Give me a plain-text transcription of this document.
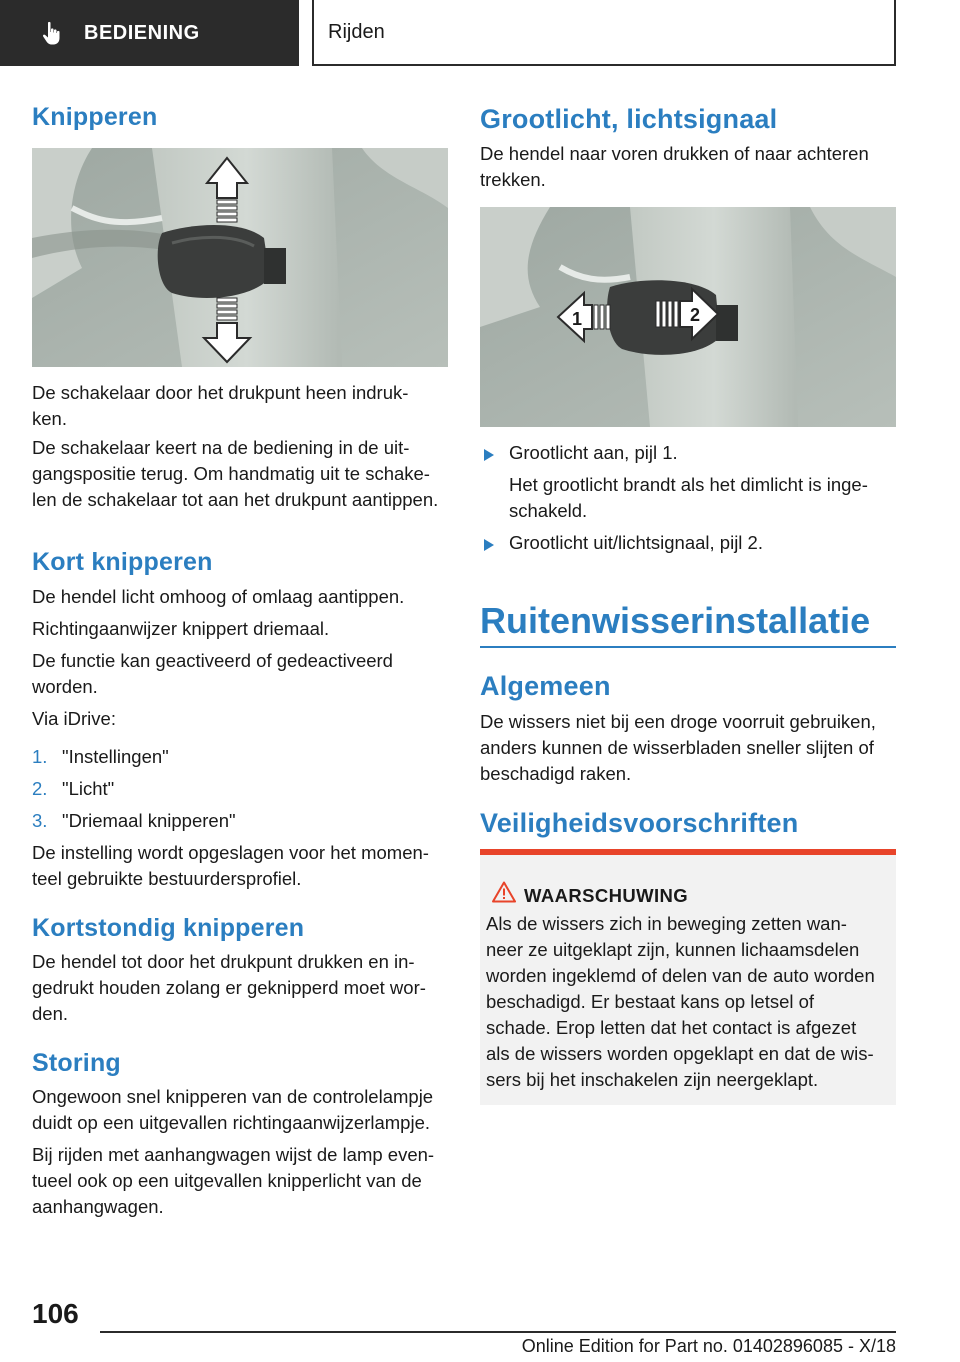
BEDIENING	Rijden
Knipperen
De schakelaar door het drukpunt heen indruk-
ken.
De schakelaar keert na de bediening in de uit-
gangspositie terug. Om handmatig uit te schake-
len de schakelaar tot aan het drukpunt aantippen.
Kort knipperen
De hendel licht omhoog of omlaag aantippen.
Richtingaanwijzer knippert driemaal.
De functie kan geactiveerd of gedeactiveerd
worden.
Via iDrive:
1. "Instellingen"
2. "Licht"
3. "Driemaal knipperen"
De instelling wordt opgeslagen voor het momen-
teel gebruikte bestuurdersprofiel.
Kortstondig knipperen
De hendel tot door het drukpunt drukken en in-
gedrukt houden zolang er geknipperd moet wor-
den.
Storing
Ongewoon snel knipperen van de controlelampje
duidt op een uitgevallen richtingaanwijzerlampje.
Bij rijden met aanhangwagen wijst de lamp even-
tueel ook op een uitgevallen knipperlicht van de
aanhangwagen.
Grootlicht, lichtsignaal
De hendel naar voren drukken of naar achteren
trekken.
1	2
Grootlicht aan, pijl 1.
Het grootlicht brandt als het dimlicht is inge-
schakeld.
Grootlicht uit/lichtsignaal, pijl 2.
Ruitenwisserinstallatie
Algemeen
De wissers niet bij een droge voorruit gebruiken,
anders kunnen de wisserbladen sneller slijten of
beschadigd raken.
Veiligheidsvoorschriften
WAARSCHUWING
Als de wissers zich in beweging zetten wan-
neer ze uitgeklapt zijn, kunnen lichaamsdelen
worden ingeklemd of delen van de auto worden
beschadigd. Er bestaat kans op letsel of
schade. Erop letten dat het contact is afgezet
als de wissers worden opgeklapt en dat de wis-
sers bij het inschakelen zijn neergeklapt.
106
Online Edition for Part no. 01402896085 - X/18
